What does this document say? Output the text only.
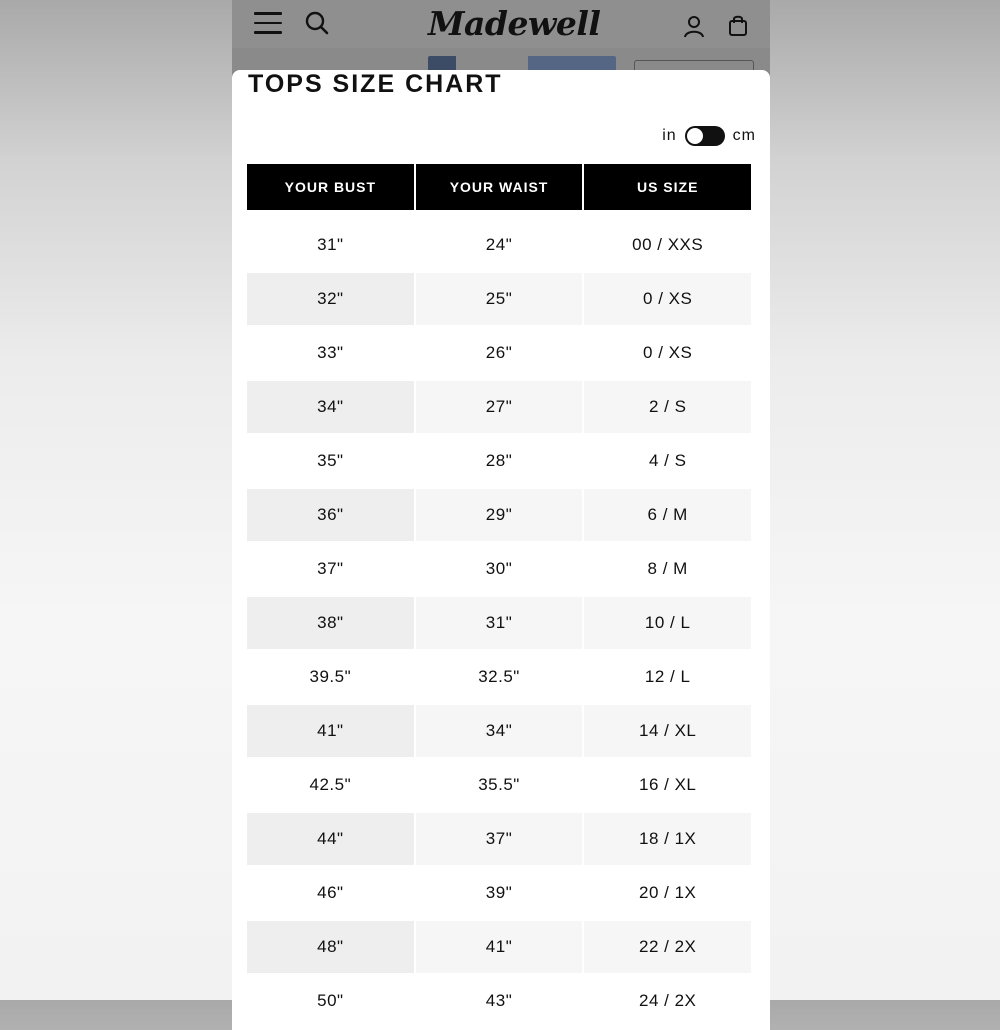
Madewell
TOPS SIZE CHART
in	cm
YOUR BUST	YOUR WAIST	US SIZE
31"	24"	00 / XXS
32"	25"	0 / XS
33"	26"	0 / XS
34"	27"	2 / S
35"	28"	4 / S
36"	29"	6 / M
37"	30"	8 / M
38"	31"	10 / L
39.5"	32.5"	12 / L
41"	34"	14 / XL
42.5"	35.5"	16 / XL
44"	37"	18 / 1X
46"	39"	20 / 1X
48"	41"	22 / 2X
50"	43"	24 / 2X
